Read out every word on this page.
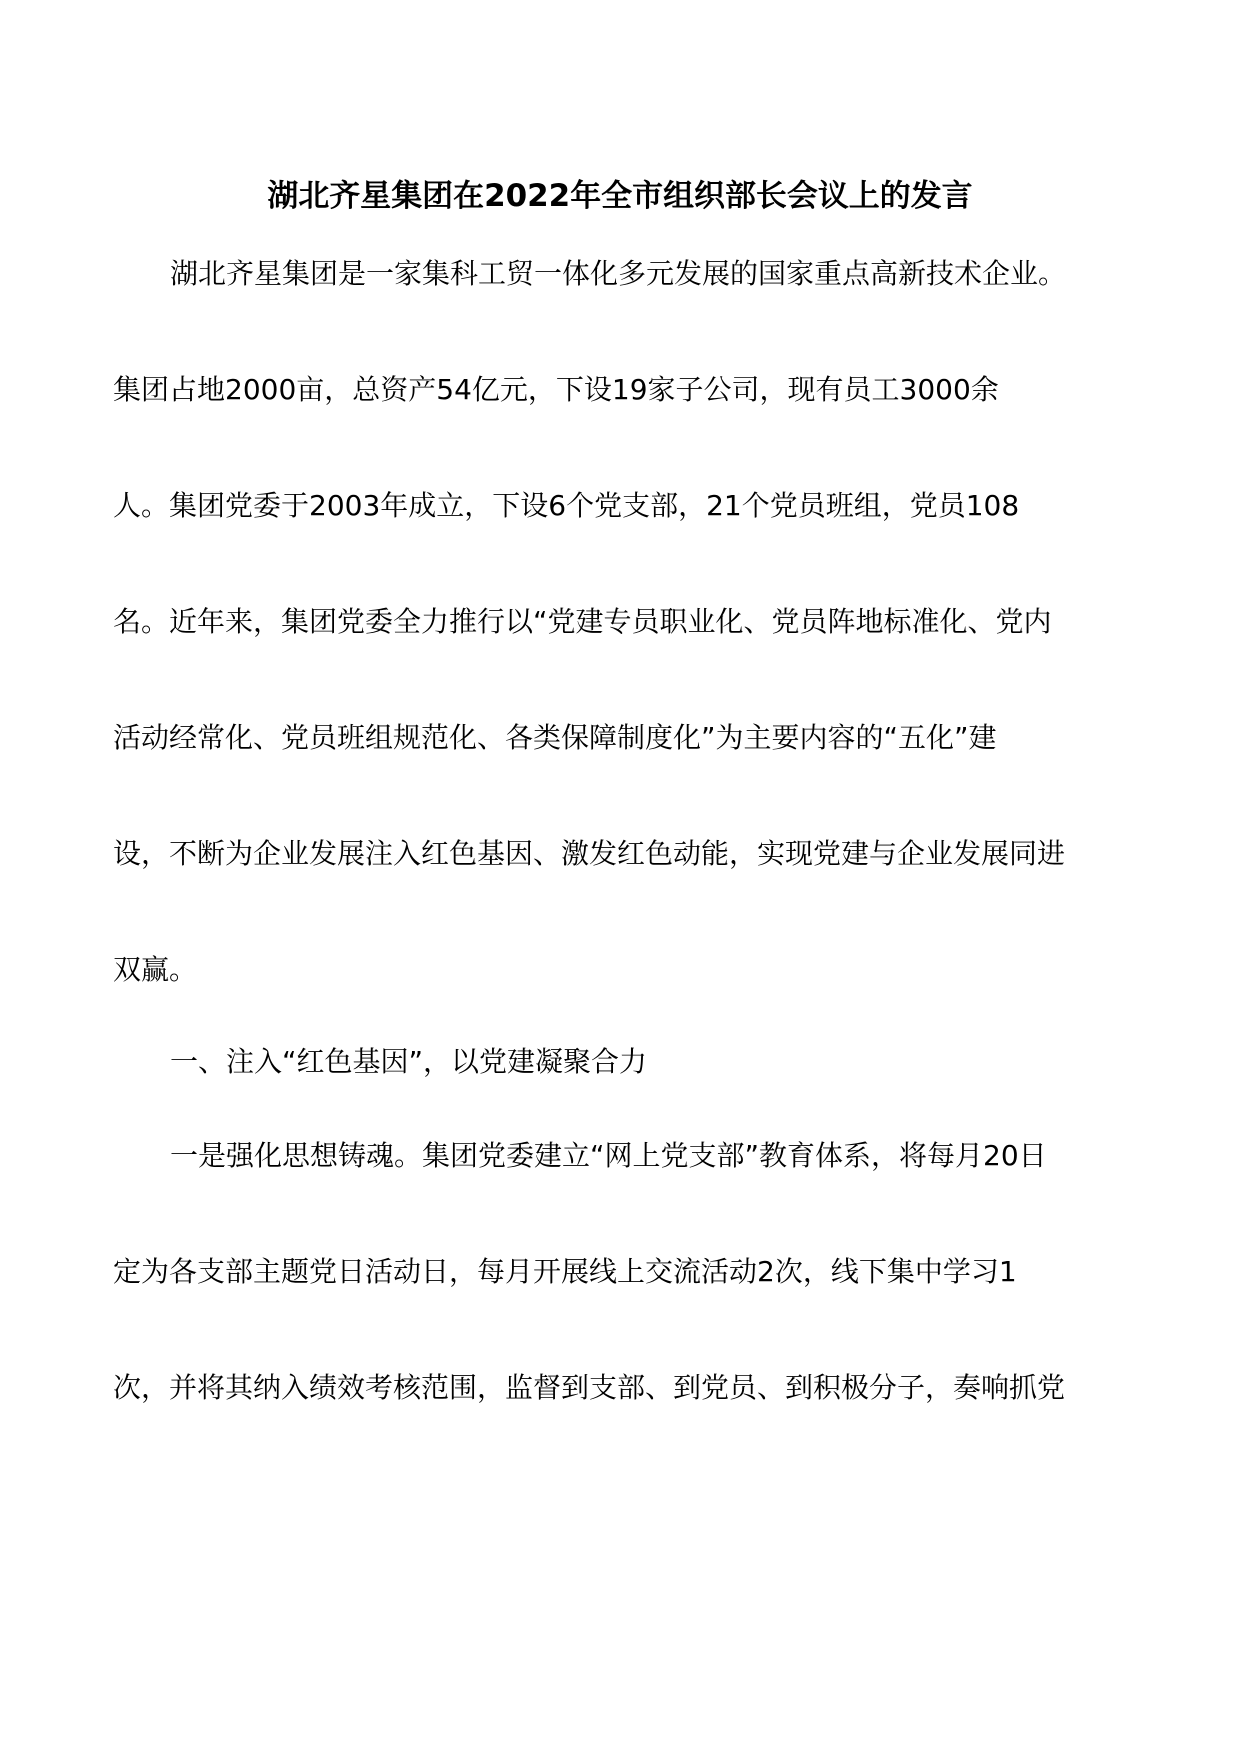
湖北齐星集团在2022年全市组织部长会议上的发言
湖北齐星集团是一家集科工贸一体化多元发展的国家重点高新技术企业。
集团占地2000亩，总资产54亿元，下设19家子公司，现有员工3000余
人。集团党委于2003年成立，下设6个党支部，21个党员班组，党员108
名。近年来，集团党委全力推行以“党建专员职业化、党员阵地标准化、党内
活动经常化、党员班组规范化、各类保障制度化”为主要内容的“五化”建
设，不断为企业发展注入红色基因、激发红色动能，实现党建与企业发展同进
双赢。
一、注入“红色基因”，以党建凝聚合力
一是强化思想铸魂。集团党委建立“网上党支部”教育体系，将每月20日
定为各支部主题党日活动日，每月开展线上交流活动2次，线下集中学习1
次，并将其纳入绩效考核范围，监督到支部、到党员、到积极分子，奏响抓党
